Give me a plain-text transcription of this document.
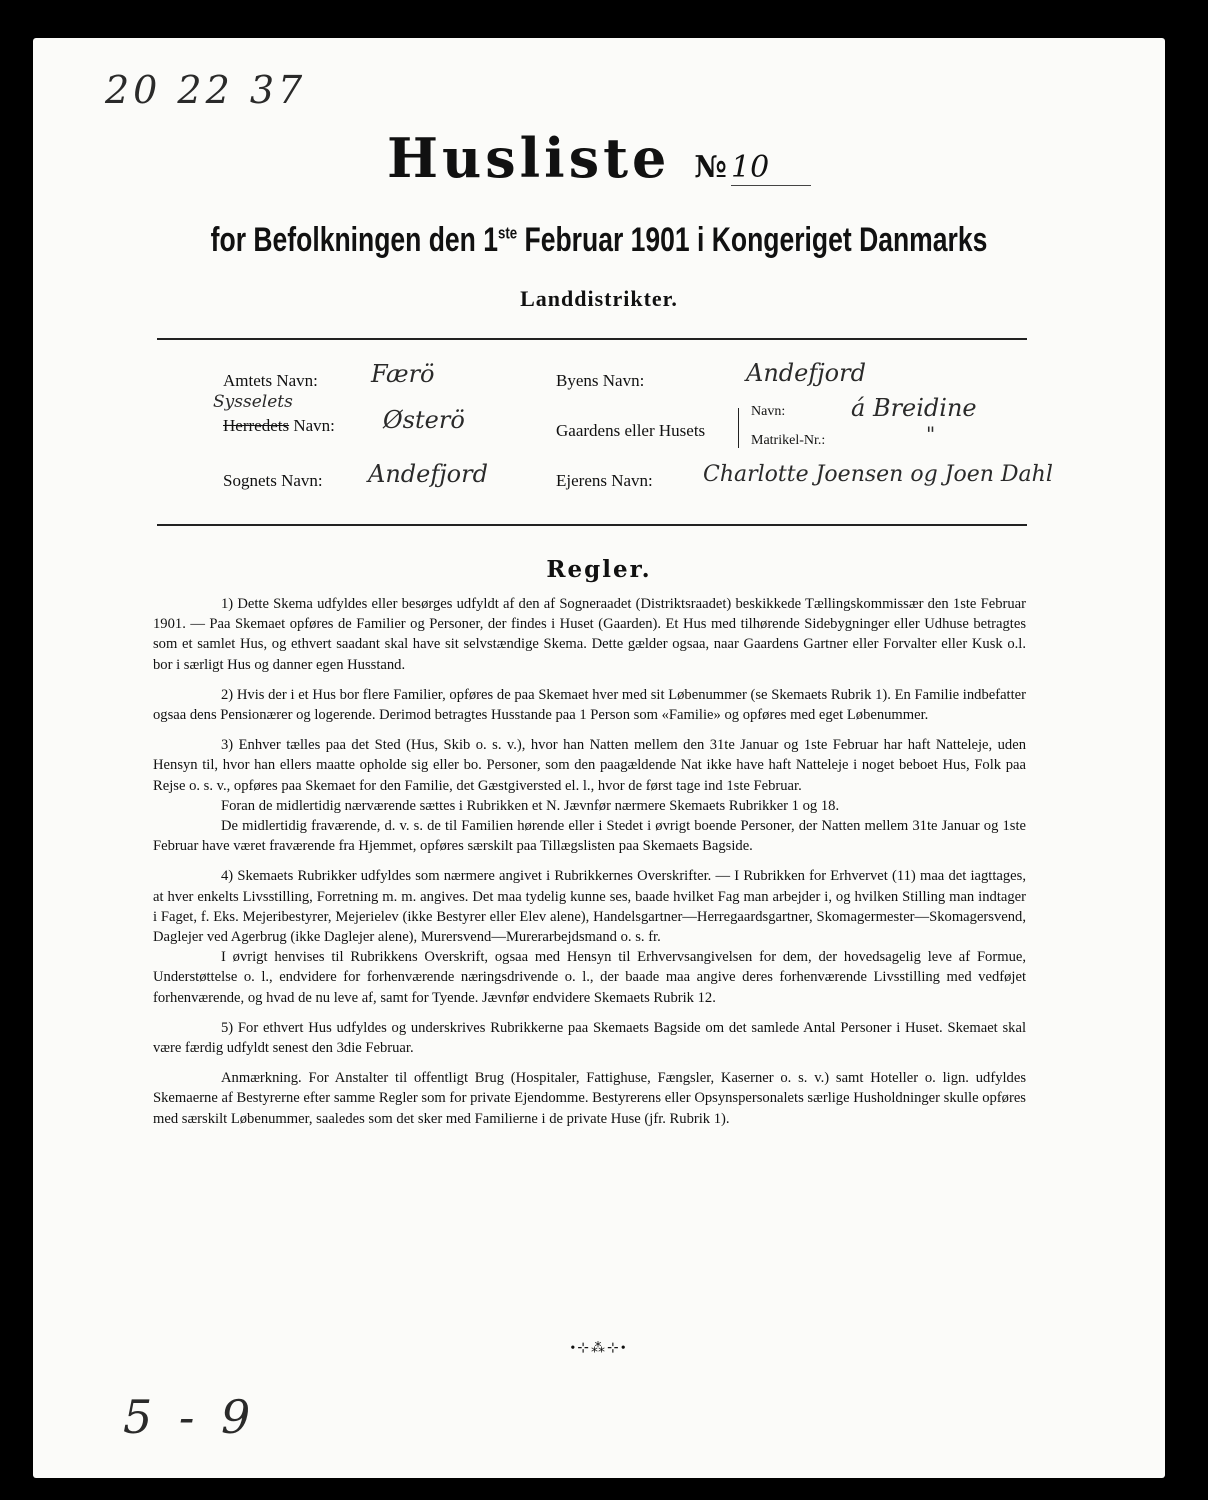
20 22 37
Husliste № 10
for Befolkningen den 1ste Februar 1901 i Kongeriget Danmarks
Landdistrikter.
Amtets Navn: Færö
Sysselets
Herredets Navn: Østerö
Sognets Navn: Andefjord
Byens Navn:	Andefjord
Gaardens eller Husets
Navn:	á Breidine
Matrikel-Nr.:	"
Ejerens Navn: Charlotte Joensen og Joen Dahl
Regler.

1) Dette Skema udfyldes eller besørges udfyldt af den af Sogneraadet (Distriktsraadet) beskikkede Tællingskommissær den 1ste Februar 1901. — Paa Skemaet opføres de Familier og Personer, der findes i Huset (Gaarden). Et Hus med tilhørende Sidebygninger eller Udhuse betragtes som et samlet Hus, og ethvert saadant skal have sit selvstændige Skema. Dette gælder ogsaa, naar Gaardens Gartner eller Forvalter eller Kusk o.l. bor i særligt Hus og danner egen Husstand.

2) Hvis der i et Hus bor flere Familier, opføres de paa Skemaet hver med sit Løbenummer (se Skemaets Rubrik 1). En Familie indbefatter ogsaa dens Pensionærer og logerende. Derimod betragtes Husstande paa 1 Person som «Familie» og opføres med eget Løbenummer.

3) Enhver tælles paa det Sted (Hus, Skib o. s. v.), hvor han Natten mellem den 31te Januar og 1ste Februar har haft Natteleje, uden Hensyn til, hvor han ellers maatte opholde sig eller bo. Personer, som den paagældende Nat ikke have haft Natteleje i noget beboet Hus, Folk paa Rejse o. s. v., opføres paa Skemaet for den Familie, det Gæstgiversted el. l., hvor de først tage ind 1ste Februar.

Foran de midlertidig nærværende sættes i Rubrikken et N. Jævnfør nærmere Skemaets Rubrikker 1 og 18.

De midlertidig fraværende, d. v. s. de til Familien hørende eller i Stedet i øvrigt boende Personer, der Natten mellem 31te Januar og 1ste Februar have været fraværende fra Hjemmet, opføres særskilt paa Tillægslisten paa Skemaets Bagside.

4) Skemaets Rubrikker udfyldes som nærmere angivet i Rubrikkernes Overskrifter. — I Rubrikken for Erhvervet (11) maa det iagttages, at hver enkelts Livsstilling, Forretning m. m. angives. Det maa tydelig kunne ses, baade hvilket Fag man arbejder i, og hvilken Stilling man indtager i Faget, f. Eks. Mejeribestyrer, Mejerielev (ikke Bestyrer eller Elev alene), Handelsgartner—Herregaardsgartner, Skomagermester—Skomagersvend, Daglejer ved Agerbrug (ikke Daglejer alene), Murersvend—Murerarbejdsmand o. s. fr.

I øvrigt henvises til Rubrikkens Overskrift, ogsaa med Hensyn til Erhvervsangivelsen for dem, der hovedsagelig leve af Formue, Understøttelse o. l., endvidere for forhenværende næringsdrivende o. l., der baade maa angive deres forhenværende Livsstilling med vedføjet forhenværende, og hvad de nu leve af, samt for Tyende. Jævnfør endvidere Skemaets Rubrik 12.

5) For ethvert Hus udfyldes og underskrives Rubrikkerne paa Skemaets Bagside om det samlede Antal Personer i Huset. Skemaet skal være færdig udfyldt senest den 3die Februar.

Anmærkning. For Anstalter til offentligt Brug (Hospitaler, Fattighuse, Fængsler, Kaserner o. s. v.) samt Hoteller o. lign. udfyldes Skemaerne af Bestyrerne efter samme Regler som for private Ejendomme. Bestyrerens eller Opsynspersonalets særlige Husholdninger skulle opføres med særskilt Løbenummer, saaledes som det sker med Familierne i de private Huse (jfr. Rubrik 1).

•⊹⁂⊹•
5 - 9
